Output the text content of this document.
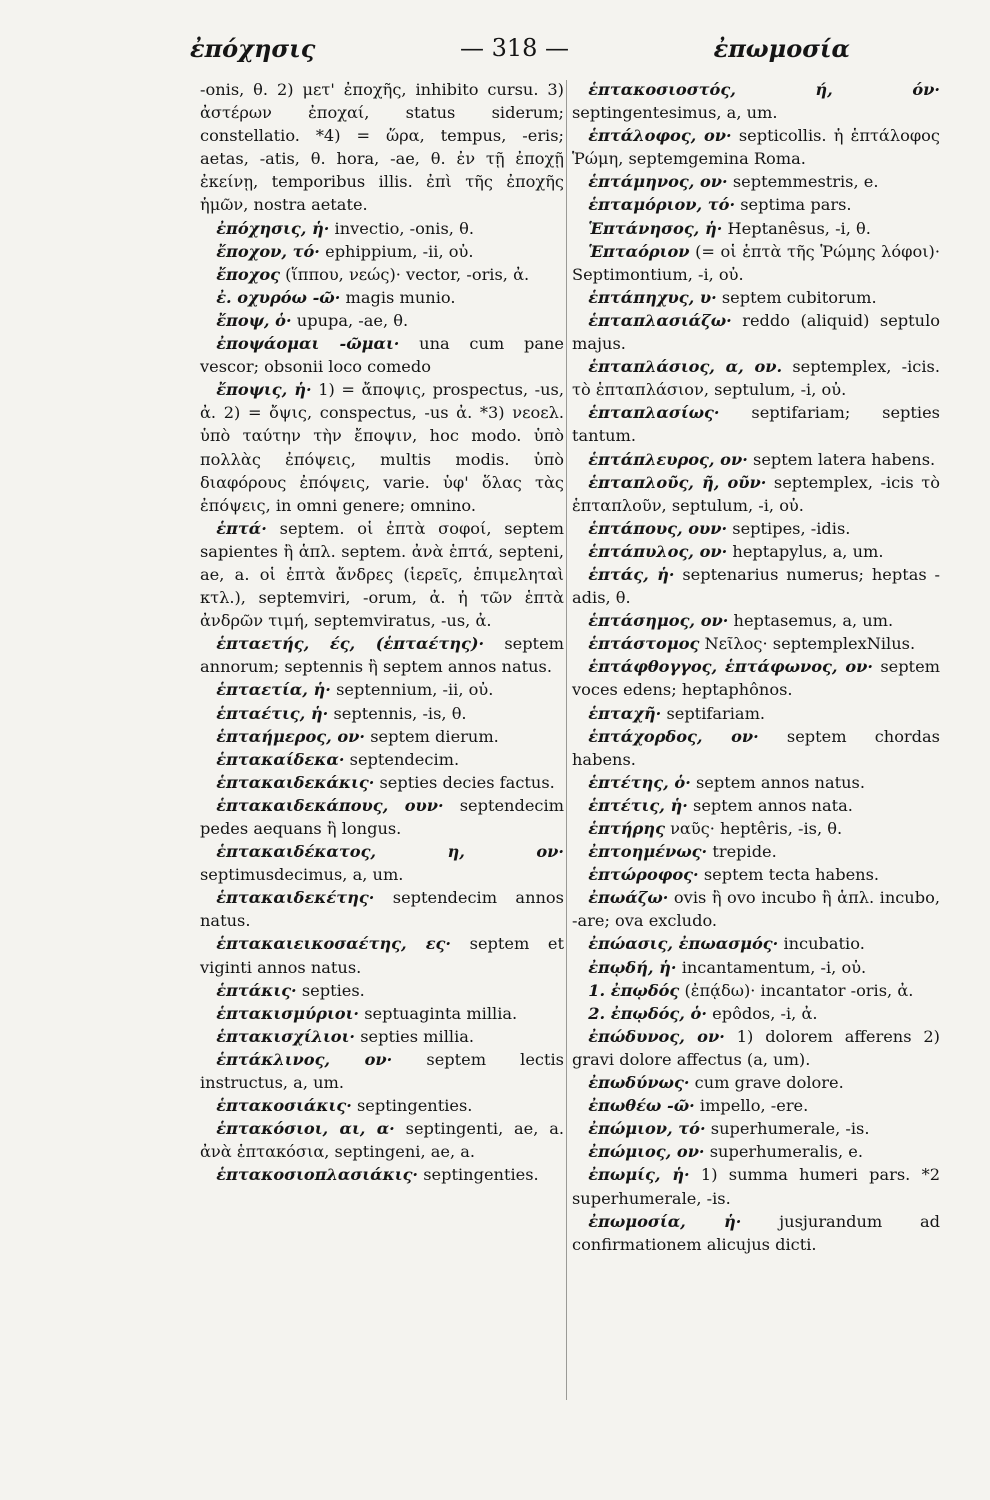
ἐπόχησις	— 318 —	ἐπωμοσία

-onis, θ. 2) μετ' ἐποχῆς, inhibito cursu. 3) ἀστέρων ἐποχαί, status siderum; constellatio. *4) = ὥρα, tempus, -eris; aetas, -atis, θ. hora, -ae, θ. ἐν τῇ ἐποχῇ ἐκείνῃ, temporibus illis. ἐπὶ τῆς ἐποχῆς ἡμῶν, nostra aetate.

ἐπόχησις, ἡ· invectio, -onis, θ.

ἔποχον, τό· ephippium, -ii, οὐ.

ἔποχος (ἵππου, νεώς)· vector, -oris, ἀ.

ἐ. οχυρόω -ῶ· magis munio.

ἔποψ, ὁ· upupa, -ae, θ.

ἐποψάομαι -ῶμαι· una cum pane vescor; obsonii loco comedo

ἔποψις, ἡ· 1) = ἄποψις, prospectus, -us, ἀ. 2) = ὄψις, conspectus, -us ἀ. *3) νεοελ. ὑπὸ ταύτην τὴν ἔποψιν, hoc modo. ὑπὸ πολλὰς ἐπόψεις, multis modis. ὑπὸ διαφόρους ἐπόψεις, varie. ὑφ' ὅλας τὰς ἐπόψεις, in omni genere; omnino.

ἑπτά· septem. οἱ ἑπτὰ σοφοί, septem sapientes ἢ ἁπλ. septem. ἀνὰ ἑπτά, septeni, ae, a. οἱ ἑπτὰ ἄνδρες (ἱερεῖς, ἐπιμεληταὶ κτλ.), septemviri, -orum, ἀ. ἡ τῶν ἑπτὰ ἀνδρῶν τιμή, septemviratus, -us, ἀ.

ἑπταετής, ές, (ἑπταέτης)· septem annorum; septennis ἢ septem annos natus.

ἑπταετία, ἡ· septennium, -ii, οὐ.

ἑπταέτις, ἡ· septennis, -is, θ.

ἑπταήμερος, ον· septem dierum.

ἑπτακαίδεκα· septendecim.

ἑπτακαιδεκάκις· septies decies factus.

ἑπτακαιδεκάπους, ουν· septendecim pedes aequans ἢ longus.

ἑπτακαιδέκατος, η, ον· septimusdecimus, a, um.

ἑπτακαιδεκέτης· septendecim annos natus.

ἑπτακαιεικοσαέτης, ες· septem et viginti annos natus.

ἑπτάκις· septies.

ἑπτακισμύριοι· septuaginta millia.

ἑπτακισχίλιοι· septies millia.

ἑπτάκλινος, ον· septem lectis instructus, a, um.

ἑπτακοσιάκις· septingenties.

ἑπτακόσιοι, αι, α· septingenti, ae, a. ἀνὰ ἑπτακόσια, septingeni, ae, a.

ἑπτακοσιοπλασιάκις· septingenties.

ἑπτακοσιοστός, ή, όν· septingentesimus, a, um.

ἑπτάλοφος, ον· septicollis. ἡ ἑπτάλοφος Ῥώμη, septemgemina Roma.

ἑπτάμηνος, ον· septemmestris, e.

ἑπταμόριον, τό· septima pars.

Ἑπτάνησος, ἡ· Heptanêsus, -i, θ.

Ἑπταόριον (= οἱ ἑπτὰ τῆς Ῥώμης λόφοι)· Septimontium, -i, οὐ.

ἑπτάπηχυς, υ· septem cubitorum.

ἑπταπλασιάζω· reddo (aliquid) septulo majus.

ἑπταπλάσιος, α, ον. septemplex, -icis. τὸ ἑπταπλάσιον, septulum, -i, οὐ.

ἑπταπλασίως· septifariam; septies tantum.

ἑπτάπλευρος, ον· septem latera habens.

ἑπταπλοῦς, ῆ, οῦν· septemplex, -icis τὸ ἑπταπλοῦν, septulum, -i, οὐ.

ἑπτάπους, ουν· septipes, -idis.

ἑπτάπυλος, ον· heptapylus, a, um.

ἑπτάς, ἡ· septenarius numerus; heptas -adis, θ.

ἑπτάσημος, ον· heptasemus, a, um.

ἑπτάστομος Νεῖλος· septemplexNilus.

ἑπτάφθογγος, ἑπτάφωνος, ον· septem voces edens; heptaphônos.

ἑπταχῆ· septifariam.

ἑπτάχορδος, ον· septem chordas habens.

ἑπτέτης, ὁ· septem annos natus.

ἑπτέτις, ἡ· septem annos nata.

ἑπτήρης ναῦς· heptêris, -is, θ.

ἐπτοημένως· trepide.

ἑπτώροφος· septem tecta habens.

ἐπωάζω· ovis ἢ ovo incubo ἢ ἁπλ. incubo, -are; ova excludo.

ἐπώασις, ἐπωασμός· incubatio.

ἐπῳδή, ἡ· incantamentum, -i, οὐ.

1. ἐπῳδός (ἐπᾴδω)· incantator -oris, ἀ.

2. ἐπῳδός, ὁ· epôdos, -i, ἀ.

ἐπώδυνος, ον· 1) dolorem afferens 2) gravi dolore affectus (a, um).

ἐπωδύνως· cum grave dolore.

ἐπωθέω -ῶ· impello, -ere.

ἐπώμιον, τό· superhumerale, -is.

ἐπώμιος, ον· superhumeralis, e.

ἐπωμίς, ἡ· 1) summa humeri pars. *2 superhumerale, -is.

ἐπωμοσία, ἡ· jusjurandum ad confirmationem alicujus dicti.
